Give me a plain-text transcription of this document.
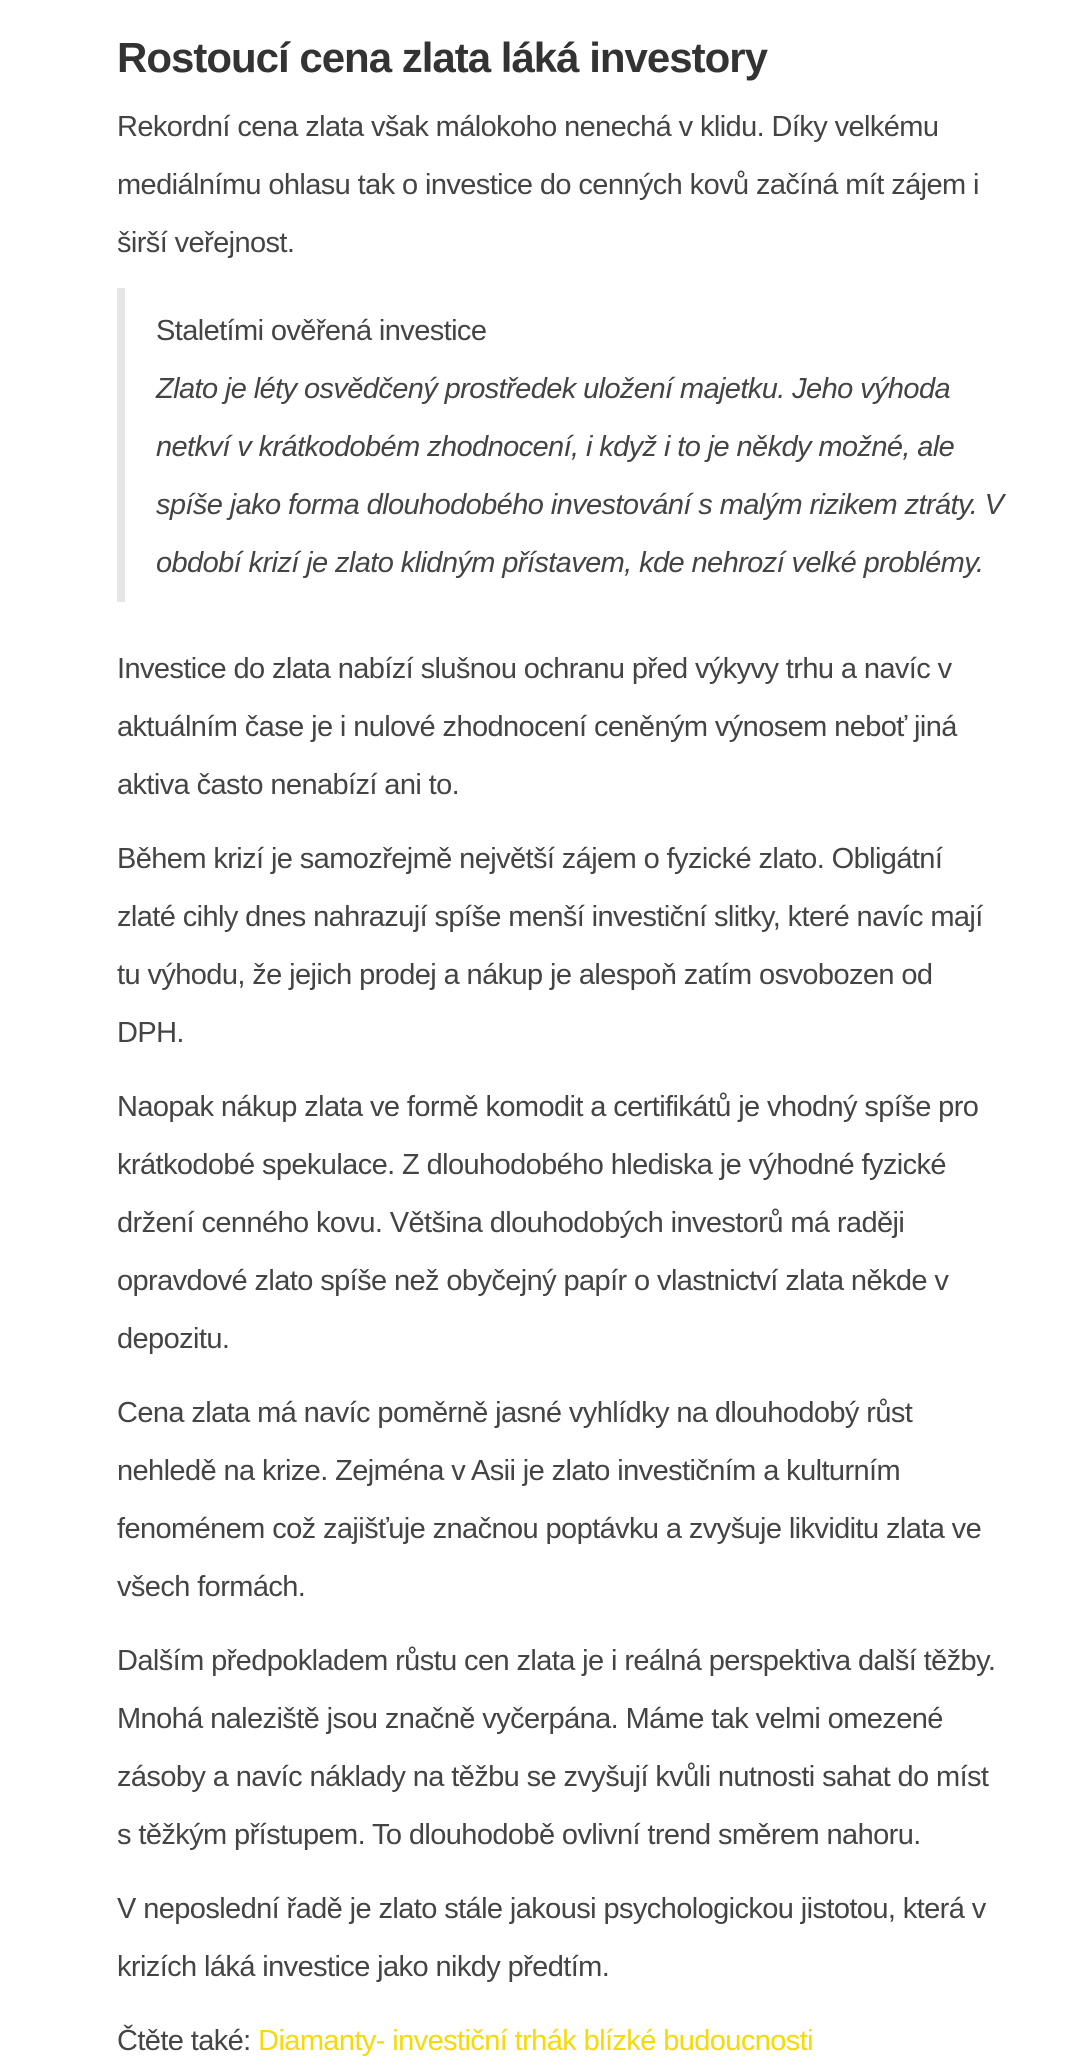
Rostoucí cena zlata láká investory

Rekordní cena zlata však málokoho nenechá v klidu. Díky velkému mediálnímu ohlasu tak o investice do cenných kovů začíná mít zájem i širší veřejnost.

Staletími ověřená investice

Zlato je léty osvědčený prostředek uložení majetku. Jeho výhoda netkví v krátkodobém zhodnocení, i když i to je někdy možné, ale spíše jako forma dlouhodobého investování s malým rizikem ztráty. V období krizí je zlato klidným přístavem, kde nehrozí velké problémy.

Investice do zlata nabízí slušnou ochranu před výkyvy trhu a navíc v aktuálním čase je i nulové zhodnocení ceněným výnosem neboť jiná aktiva často nenabízí ani to.

Během krizí je samozřejmě největší zájem o fyzické zlato. Obligátní zlaté cihly dnes nahrazují spíše menší investiční slitky, které navíc mají tu výhodu, že jejich prodej a nákup je alespoň zatím osvobozen od DPH.

Naopak nákup zlata ve formě komodit a certifikátů je vhodný spíše pro krátkodobé spekulace. Z dlouhodobého hlediska je výhodné fyzické držení cenného kovu. Většina dlouhodobých investorů má raději opravdové zlato spíše než obyčejný papír o vlastnictví zlata někde v depozitu.

Cena zlata má navíc poměrně jasné vyhlídky na dlouhodobý růst nehledě na krize. Zejména v Asii je zlato investičním a kulturním fenoménem což zajišťuje značnou poptávku a zvyšuje likviditu zlata ve všech formách.

Dalším předpokladem růstu cen zlata je i reálná perspektiva další těžby. Mnohá naleziště jsou značně vyčerpána. Máme tak velmi omezené zásoby a navíc náklady na těžbu se zvyšují kvůli nutnosti sahat do míst s těžkým přístupem. To dlouhodobě ovlivní trend směrem nahoru.

V neposlední řadě je zlato stále jakousi psychologickou jistotou, která v krizích láká investice jako nikdy předtím.

Čtěte také: Diamanty- investiční trhák blízké budoucnosti
